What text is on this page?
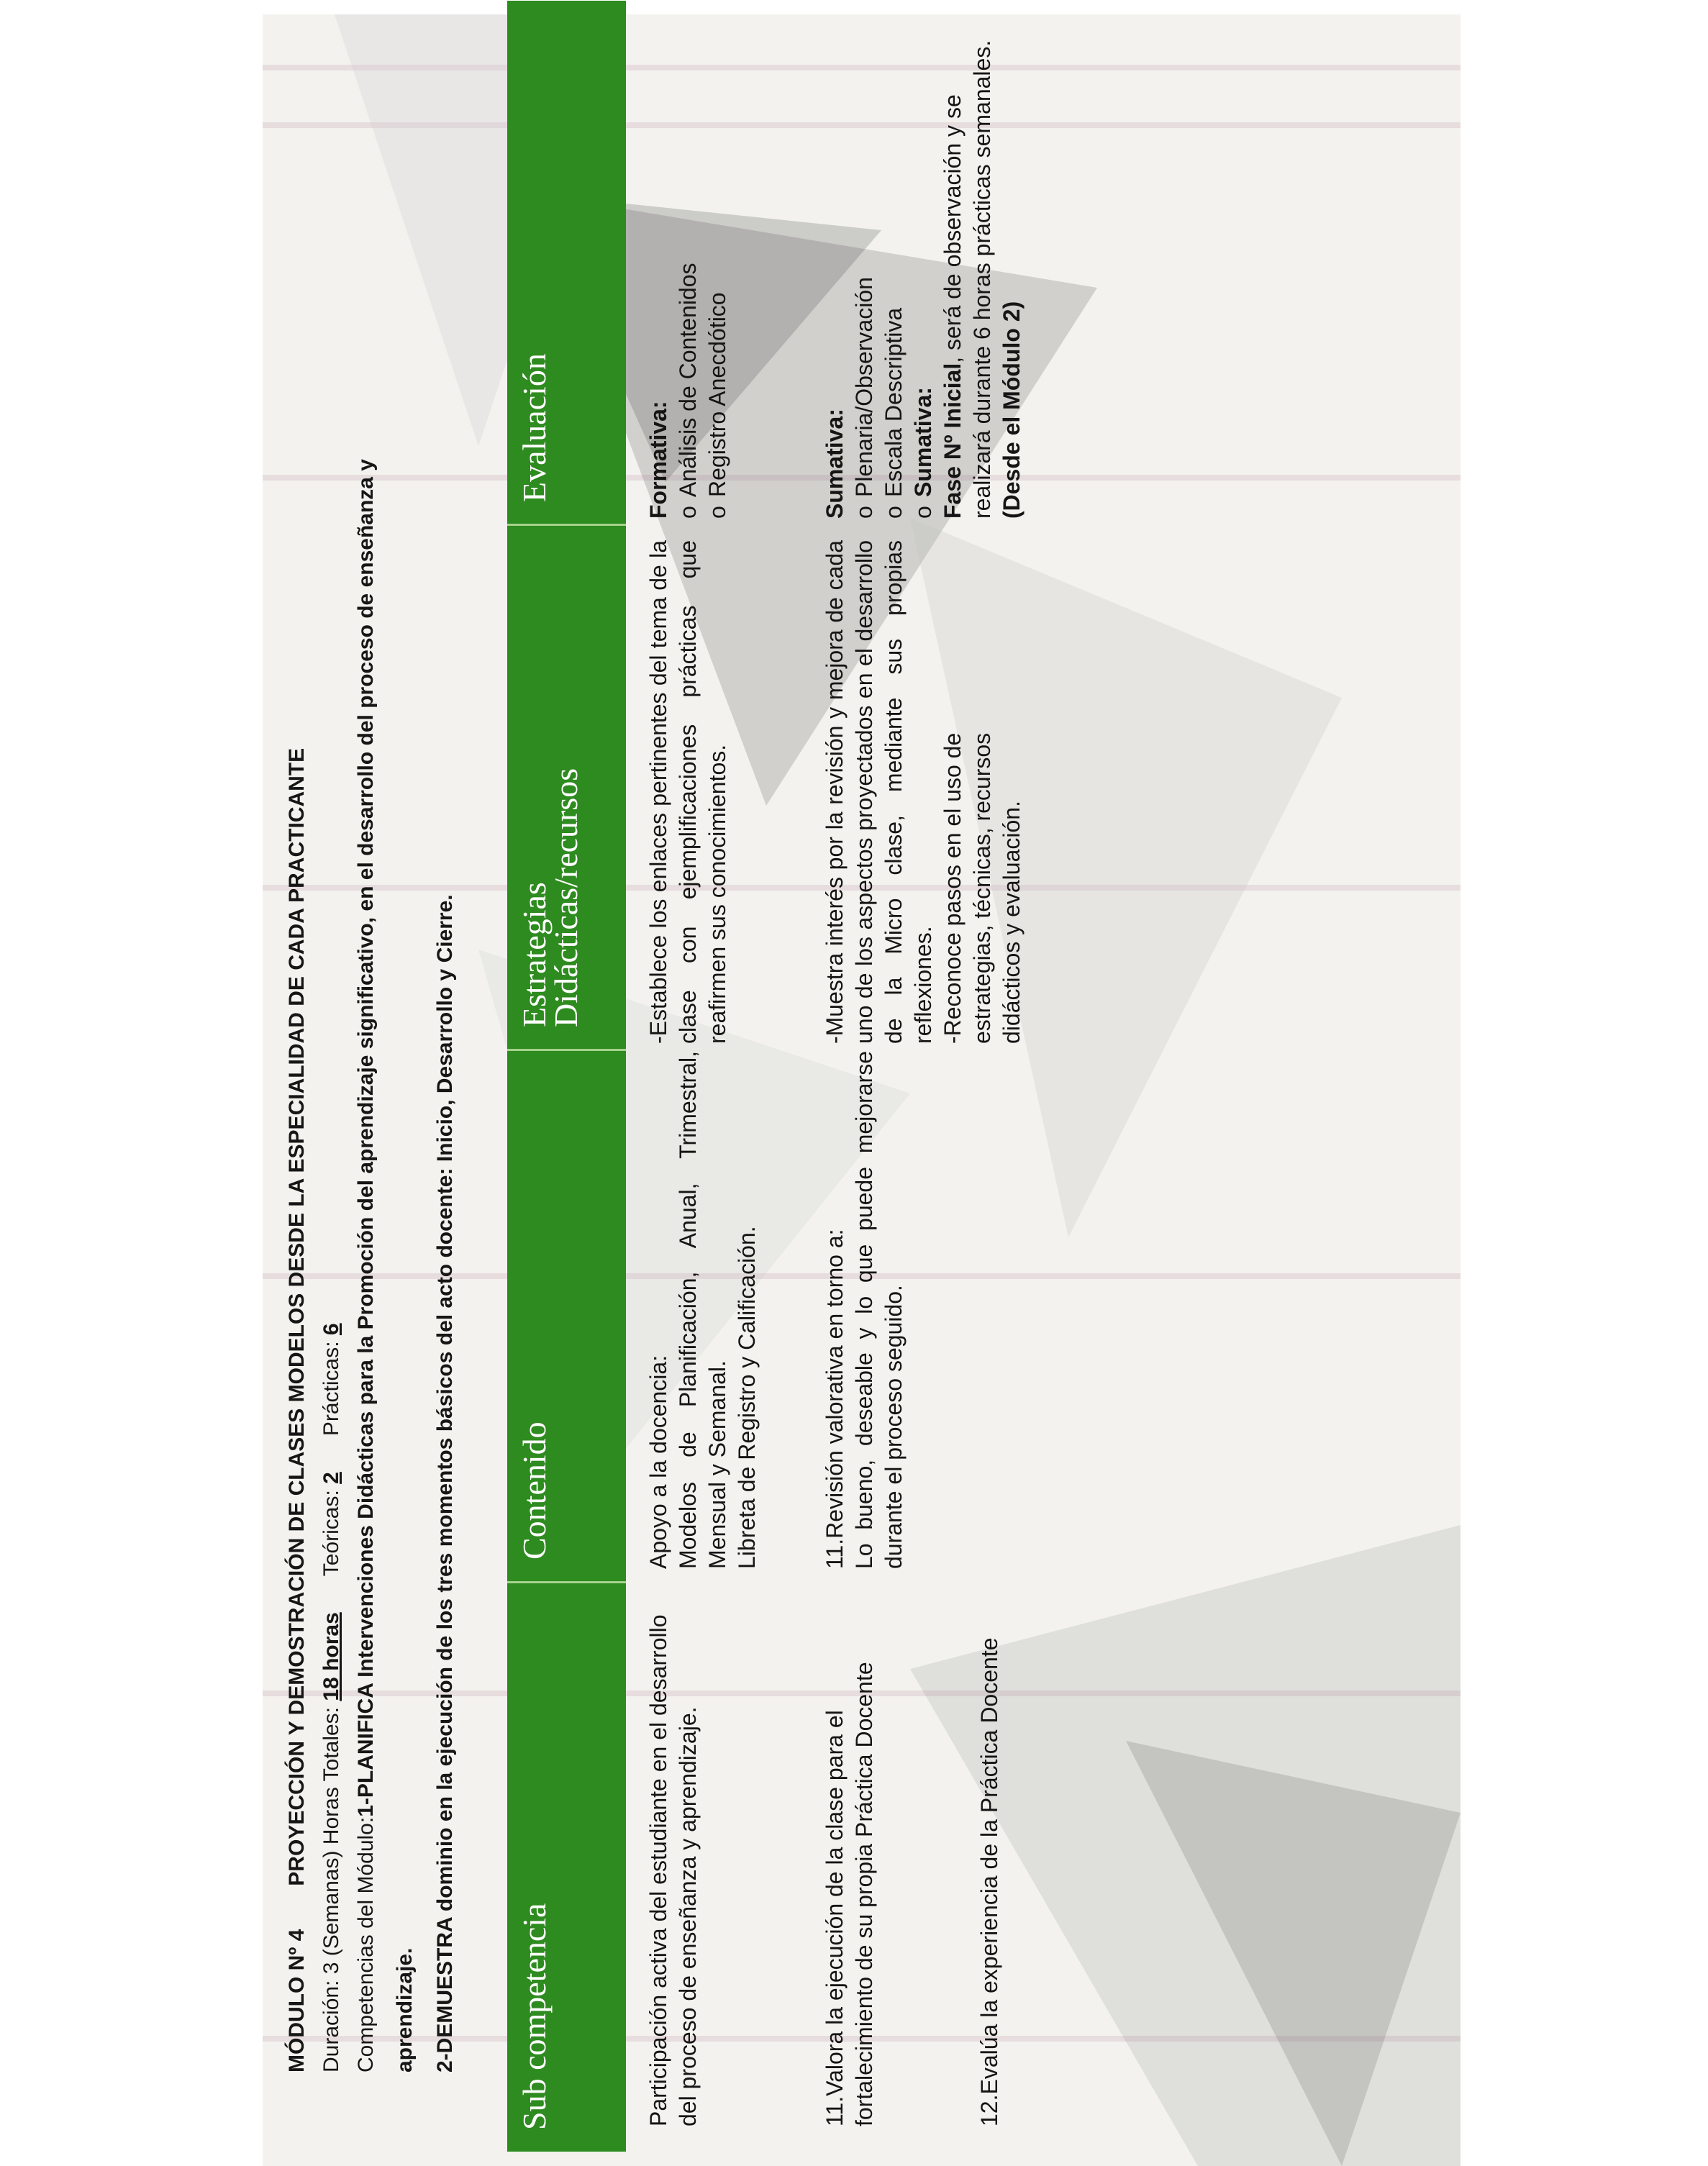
MÓDULO Nº 4PROYECCIÓN Y DEMOSTRACIÓN DE CLASES MODELOS DESDE LA ESPECIALIDAD DE CADA PRACTICANTE
Duración: 3 (Semanas) Horas Totales: 18 horasTeóricas: 2Prácticas: 6
Competencias del Módulo:1-PLANIFICA Intervenciones Didácticas para la Promoción del aprendizaje significativo, en el desarrollo del proceso de enseñanza y
aprendizaje. 2-DEMUESTRA dominio en la ejecución de los tres momentos básicos del acto docente: Inicio, Desarrollo y Cierre. Sub competencia
Contenido
Estrategias
Didácticas/recursos
Evaluación

Participación activa del estudiante en el desarrollo del proceso de enseñanza y aprendizaje.

Apoyo a la docencia: Modelos de Planificación, Anual, Trimestral, Mensual y Semanal. Libreta de Registro y Calificación.

-Establece los enlaces pertinentes del tema de la clase con ejemplificaciones prácticas que reafirmen sus conocimientos.

Formativa: o
Análisis de Contenidos

o
Registro Anecdótico

11.Valora la ejecución de la clase para el fortalecimiento de su propia Práctica Docente

11.Revisión valorativa en torno a: Lo bueno, deseable y lo que puede mejorarse durante el proceso seguido.

-Muestra interés por la revisión y mejora de cada uno de los aspectos proyectados en el desarrollo de la Micro clase, mediante sus propias reflexiones. -Reconoce pasos en el uso de estrategias, técnicas, recursos didácticos y evaluación.

Sumativa: o
Plenaria/Observación

o
Escala Descriptiva

o
Sumativa: Fase Nº Inicial, será de observación y se realizará durante 6 horas prácticas semanales. (Desde el Módulo 2)

12.Evalúa la experiencia de la Práctica Docente
